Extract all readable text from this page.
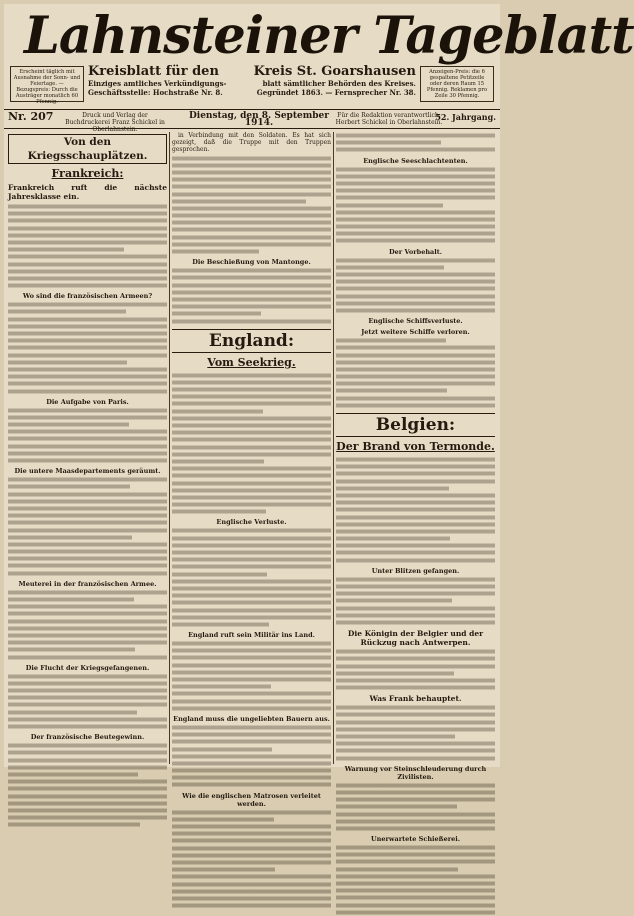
Lahnsteiner Tageblatt
Erscheint täglich mit Ausnahme der Sonn- und Feiertage. — Bezugspreis: Durch die Austräger monatlich 60 Pfennig.
Kreisblatt für den
Einziges amtliches Verkündigungs-
Geschäftsstelle: Hochstraße Nr. 8.
Kreis St. Goarshausen
blatt sämtlicher Behörden des Kreises.
Gegründet 1863. — Fernsprecher Nr. 38.
Anzeigen-Preis: die 6 gespaltene Petitzeile oder deren Raum 15 Pfennig. Reklamen pro Zeile 30 Pfennig.
Nr. 207	Druck und Verlag der Buchdruckerei Franz Schickel in Oberlahnstein.
Dienstag, den 8. September 1914.
Für die Redaktion verantwortlich: Herbert Schickel in Oberlahnstein.
52. Jahrgang.
Von den Kriegsschauplätzen.
Frankreich:
Frankreich ruft die nächste Jahresklasse ein.
Wo sind die französischen Armeen?
Die Aufgabe von Paris.
Die untere Maasdepartements geräumt.
Meuterei in der französischen Armee.
Die Flucht der Kriegsgefangenen.
Der französische Beutegewinn.

in Verbindung mit den Soldaten. Es hat sich gezeigt, daß die Truppe mit den Truppen gesprochen.

Die Beschießung von Mantonge.
England:
Vom Seekrieg.
Englische Verluste.
England ruft sein Militär ins Land.
England muss die ungeliebten Bauern aus.
Wie die englischen Matrosen verleitet werden.
Englische Seeschlachtenten.
Der Vorbehalt.
Englische Schiffsverluste.
Jetzt weitere Schiffe verloren.
Belgien:
Der Brand von Termonde.
Unter Blitzen gefangen.
Die Königin der Belgier und der Rückzug nach Antwerpen.
Was Frank behauptet.
Warnung vor Steinschleuderung durch Zivilisten.
Unerwartete Schießerei.
